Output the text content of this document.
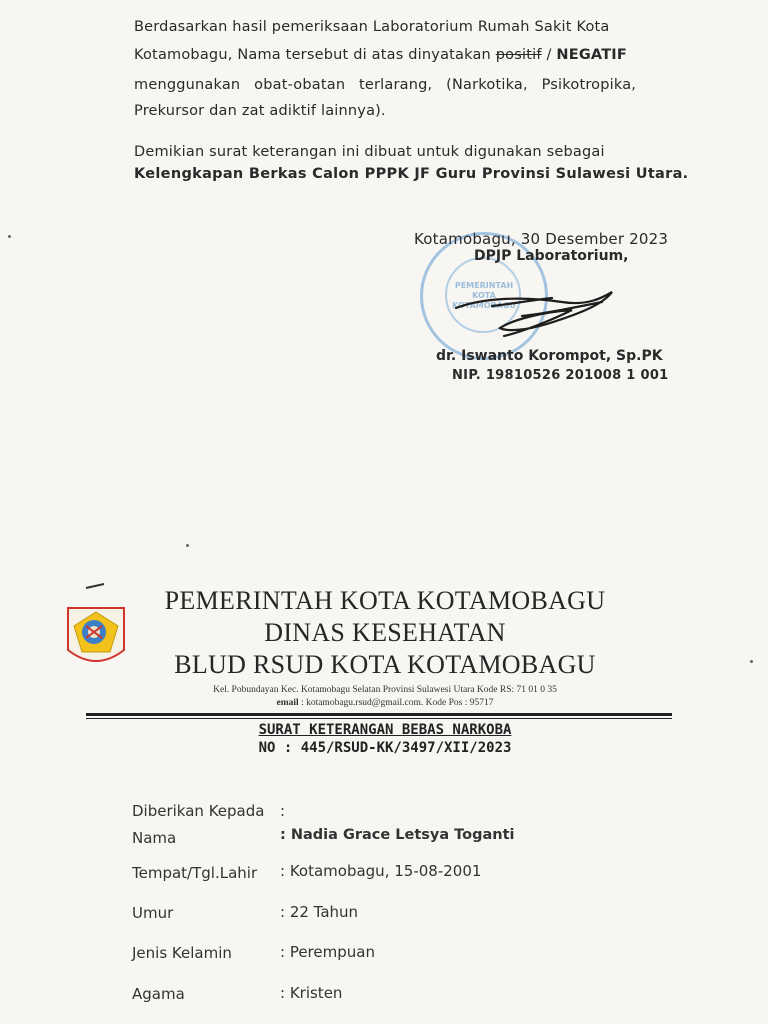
Berdasarkan hasil pemeriksaan Laboratorium Rumah Sakit Kota
Kotamobagu, Nama tersebut di atas dinyatakan positif / NEGATIF
menggunakan obat-obatan terlarang, (Narkotika, Psikotropika,
Prekursor dan zat adiktif lainnya).
Demikian surat keterangan ini dibuat untuk digunakan sebagai
Kelengkapan Berkas Calon PPPK JF Guru Provinsi Sulawesi Utara.
PEMERINTAH KOTA KOTAMOBAGU
Kotamobagu, 30 Desember 2023
DPJP Laboratorium,
dr. Iswanto Korompot, Sp.PK
NIP. 19810526 201008 1 001
PEMERINTAH KOTA KOTAMOBAGU
DINAS KESEHATAN
BLUD RSUD KOTA KOTAMOBAGU
Kel. Pobundayan Kec. Kotamobagu Selatan Provinsi Sulawesi Utara Kode RS: 71 01 0 35
email : kotamobagu.rsud@gmail.com. Kode Pos : 95717
SURAT KETERANGAN BEBAS NARKOBA
NO : 445/RSUD-KK/3497/XII/2023
Diberikan Kepada :
Nama	: Nadia Grace Letsya Toganti
Tempat/Tgl.Lahir : Kotamobagu, 15-08-2001
Umur	: 22 Tahun
Jenis Kelamin	: Perempuan
Agama	: Kristen
